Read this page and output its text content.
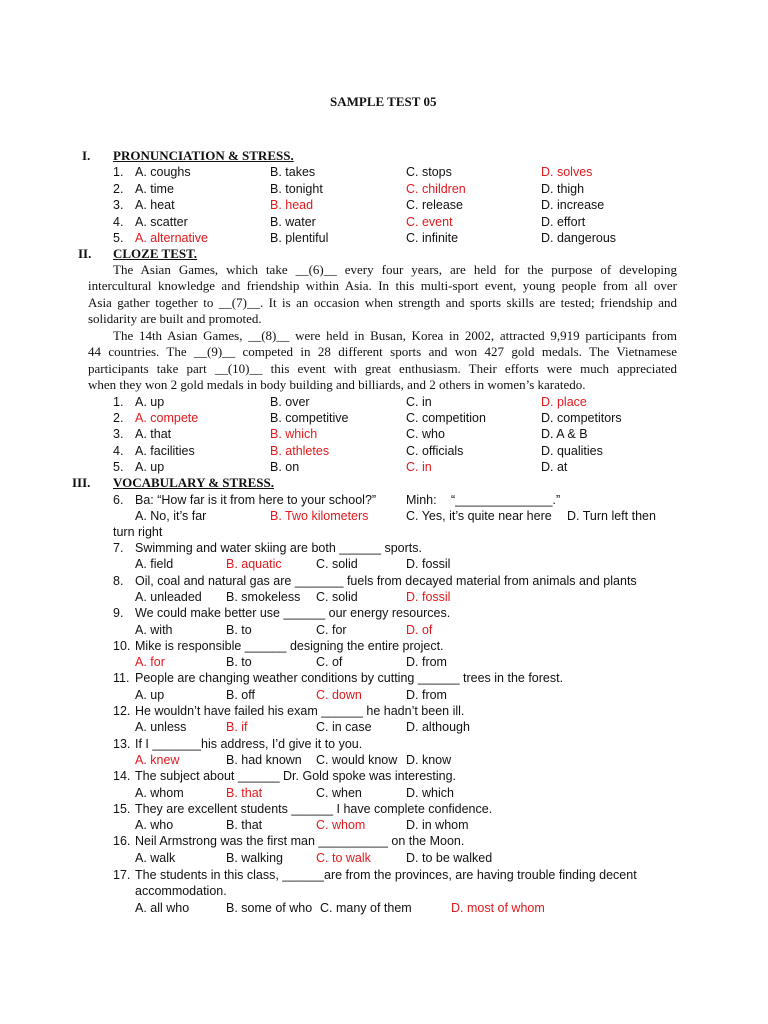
SAMPLE TEST 05
I. PRONUNCIATION & STRESS.
1. A. coughs	B. takes	C. stops	D. solves
2. A. time	B. tonight	C. children	D. thigh
3. A. heat	B. head	C. release	D. increase
4. A. scatter	B. water	C. event	D. effort
5. A. alternative	B. plentiful	C. infinite	D. dangerous
II. CLOZE TEST.
The Asian Games, which take __(6)__ every four years, are held for the purpose of developing
intercultural knowledge and friendship within Asia. In this multi-sport event, young people from all over
Asia gather together to __(7)__. It is an occasion when strength and sports skills are tested; friendship and
solidarity are built and promoted.
The 14th Asian Games, __(8)__ were held in Busan, Korea in 2002, attracted 9,919 participants from
44 countries. The __(9)__ competed in 28 different sports and won 427 gold medals. The Vietnamese
participants take part __(10)__ this event with great enthusiasm. Their efforts were much appreciated
when they won 2 gold medals in body building and billiards, and 2 others in women’s karatedo.
1. A. up	B. over	C. in	D. place
2. A. compete	B. competitive	C. competition	D. competitors
3. A. that	B. which	C. who	D. A & B
4. A. facilities	B. athletes	C. officials	D. qualities
5. A. up	B. on	C. in	D. at
III. VOCABULARY & STRESS.
6. Ba: “How far is it from here to your school?” Minh: “______________.”
A. No, it’s far	B. Two kilometers	C. Yes, it’s quite near here D. Turn left then
turn right
7. Swimming and water skiing are both ______ sports.
A. field	B. aquatic	C. solid	D. fossil
8. Oil, coal and natural gas are _______ fuels from decayed material from animals and plants
A. unleaded B. smokeless C. solid	D. fossil
9. We could make better use ______ our energy resources.
A. with	B. to	C. for	D. of
10. Mike is responsible ______ designing the entire project.
A. for	B. to	C. of	D. from
11. People are changing weather conditions by cutting ______ trees in the forest.
A. up	B. off	C. down	D. from
12. He wouldn’t have failed his exam ______ he hadn’t been ill.
A. unless	B. if	C. in case	D. although
13. If I _______his address, I’d give it to you.
A. knew	B. had known C. would know D. know
14. The subject about ______ Dr. Gold spoke was interesting.
A. whom	B. that	C. when	D. which
15. They are excellent students ______ I have complete confidence.
A. who	B. that	C. whom	D. in whom
16. Neil Armstrong was the first man __________ on the Moon.
A. walk	B. walking	C. to walk	D. to be walked
17. The students in this class, ______are from the provinces, are having trouble finding decent
accommodation.
A. all who	B. some of who C. many of them	D. most of whom
